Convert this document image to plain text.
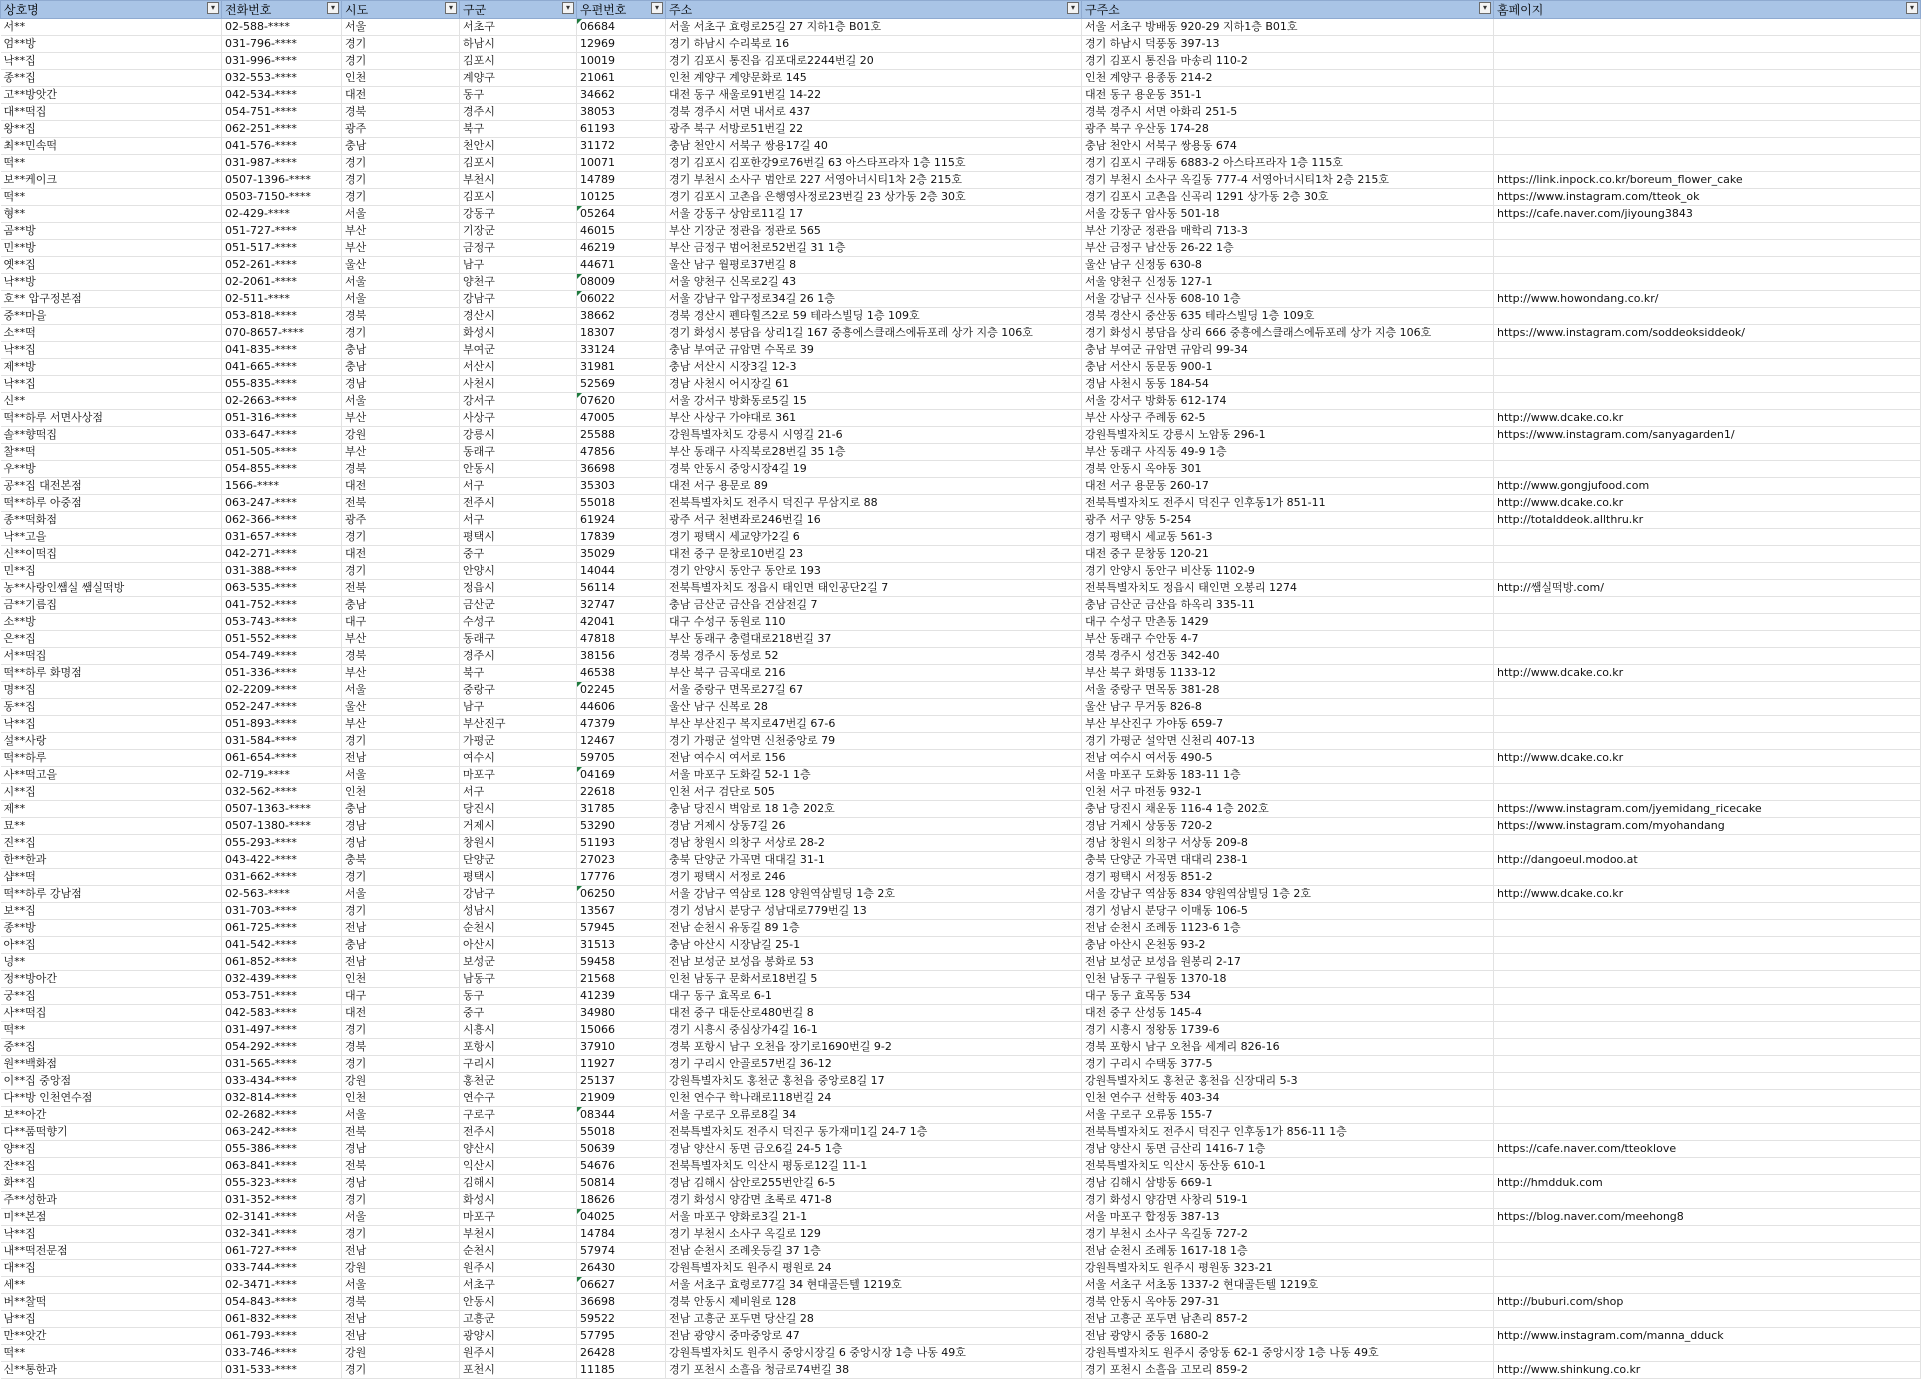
상호명 ▾	전화번호 ▾	시도 ▾	구군 ▾	우편번호 ▾	주소 ▾	구주소 ▾	홈페이지 ▾

서**	02-588-****	서울	서초구	06684	서울 서초구 효령로25길 27 지하1층 B01호	서울 서초구 방배동 920-29 지하1층 B01호	
엄**방	031-796-****	경기	하남시	12969	경기 하남시 수리북로 16	경기 하남시 덕풍동 397-13	
낙**집	031-996-****	경기	김포시	10019	경기 김포시 통진읍 김포대로2244번길 20	경기 김포시 통진읍 마송리 110-2	
종**집	032-553-****	인천	계양구	21061	인천 계양구 계양문화로 145	인천 계양구 용종동 214-2	
고**방앗간	042-534-****	대전	동구	34662	대전 동구 새울로91번길 14-22	대전 동구 용운동 351-1	
대**떡집	054-751-****	경북	경주시	38053	경북 경주시 서면 내서로 437	경북 경주시 서면 아화리 251-5	
왕**집	062-251-****	광주	북구	61193	광주 북구 서방로51번길 22	광주 북구 우산동 174-28	
최**민속떡	041-576-****	충남	천안시	31172	충남 천안시 서북구 쌍용17길 40	충남 천안시 서북구 쌍용동 674	
떡**	031-987-****	경기	김포시	10071	경기 김포시 김포한강9로76번길 63 아스타프라자 1층 115호	경기 김포시 구래동 6883-2 아스타프라자 1층 115호	
보**케이크	0507-1396-****	경기	부천시	14789	경기 부천시 소사구 범안로 227 서영아너시티1차 2층 215호	경기 부천시 소사구 옥길동 777-4 서영아너시티1차 2층 215호	https://link.inpock.co.kr/boreum_flower_cake
떡**	0503-7150-****	경기	김포시	10125	경기 김포시 고촌읍 은행영사정로23번길 23 상가동 2층 30호	경기 김포시 고촌읍 신곡리 1291 상가동 2층 30호	https://www.instagram.com/tteok_ok
형**	02-429-****	서울	강동구	05264	서울 강동구 상암로11길 17	서울 강동구 암사동 501-18	https://cafe.naver.com/jiyoung3843
곰**방	051-727-****	부산	기장군	46015	부산 기장군 정관읍 정관로 565	부산 기장군 정관읍 매학리 713-3	
민**방	051-517-****	부산	금정구	46219	부산 금정구 범어천로52번길 31 1층	부산 금정구 남산동 26-22 1층	
옛**집	052-261-****	울산	남구	44671	울산 남구 월평로37번길 8	울산 남구 신정동 630-8	
낙**방	02-2061-****	서울	양천구	08009	서울 양천구 신목로2길 43	서울 양천구 신정동 127-1	
호** 압구정본점	02-511-****	서울	강남구	06022	서울 강남구 압구정로34길 26 1층	서울 강남구 신사동 608-10 1층	http://www.howondang.co.kr/
중**마을	053-818-****	경북	경산시	38662	경북 경산시 펜타힐즈2로 59 테라스빌딩 1층 109호	경북 경산시 중산동 635 테라스빌딩 1층 109호	
소**떡	070-8657-****	경기	화성시	18307	경기 화성시 봉담읍 상리1길 167 중흥에스클래스에듀포레 상가 지층 106호	경기 화성시 봉담읍 상리 666 중흥에스클래스에듀포레 상가 지층 106호	https://www.instagram.com/soddeoksiddeok/
낙**집	041-835-****	충남	부여군	33124	충남 부여군 규암면 수목로 39	충남 부여군 규암면 규암리 99-34	
제**방	041-665-****	충남	서산시	31981	충남 서산시 시장3길 12-3	충남 서산시 동문동 900-1	
낙**집	055-835-****	경남	사천시	52569	경남 사천시 어시장길 61	경남 사천시 동동 184-54	
신**	02-2663-****	서울	강서구	07620	서울 강서구 방화동로5길 15	서울 강서구 방화동 612-174	
떡**하루 서면사상점	051-316-****	부산	사상구	47005	부산 사상구 가야대로 361	부산 사상구 주례동 62-5	http://www.dcake.co.kr
솔**향떡집	033-647-****	강원	강릉시	25588	강원특별자치도 강릉시 시영길 21-6	강원특별자치도 강릉시 노암동 296-1	https://www.instagram.com/sanyagarden1/
찰**떡	051-505-****	부산	동래구	47856	부산 동래구 사직북로28번길 35 1층	부산 동래구 사직동 49-9 1층	
우**방	054-855-****	경북	안동시	36698	경북 안동시 중앙시장4길 19	경북 안동시 옥야동 301	
공**집 대전본점	1566-****	대전	서구	35303	대전 서구 용문로 89	대전 서구 용문동 260-17	http://www.gongjufood.com
떡**하루 아중점	063-247-****	전북	전주시	55018	전북특별자치도 전주시 덕진구 무삼지로 88	전북특별자치도 전주시 덕진구 인후동1가 851-11	http://www.dcake.co.kr
종**떡화점	062-366-****	광주	서구	61924	광주 서구 천변좌로246번길 16	광주 서구 양동 5-254	http://totalddeok.allthru.kr
낙**고을	031-657-****	경기	평택시	17839	경기 평택시 세교양가2길 6	경기 평택시 세교동 561-3	
신**이떡집	042-271-****	대전	중구	35029	대전 중구 문창로10번길 23	대전 중구 문창동 120-21	
민**집	031-388-****	경기	안양시	14044	경기 안양시 동안구 동안로 193	경기 안양시 동안구 비산동 1102-9	
농**사랑인쌤실 쌤실떡방	063-535-****	전북	정읍시	56114	전북특별자치도 정읍시 태인면 태인공단2길 7	전북특별자치도 정읍시 태인면 오봉리 1274	http://쌤실떡방.com/
금**기름집	041-752-****	충남	금산군	32747	충남 금산군 금산읍 건삼전길 7	충남 금산군 금산읍 하옥리 335-11	
소**방	053-743-****	대구	수성구	42041	대구 수성구 동원로 110	대구 수성구 만촌동 1429	
은**집	051-552-****	부산	동래구	47818	부산 동래구 충렬대로218번길 37	부산 동래구 수안동 4-7	
서**떡집	054-749-****	경북	경주시	38156	경북 경주시 동성로 52	경북 경주시 성건동 342-40	
떡**하루 화명점	051-336-****	부산	북구	46538	부산 북구 금곡대로 216	부산 북구 화명동 1133-12	http://www.dcake.co.kr
명**집	02-2209-****	서울	중랑구	02245	서울 중랑구 면목로27길 67	서울 중랑구 면목동 381-28	
동**집	052-247-****	울산	남구	44606	울산 남구 신복로 28	울산 남구 무거동 826-8	
낙**집	051-893-****	부산	부산진구	47379	부산 부산진구 복지로47번길 67-6	부산 부산진구 가야동 659-7	
설**사랑	031-584-****	경기	가평군	12467	경기 가평군 설악면 신천중앙로 79	경기 가평군 설악면 신천리 407-13	
떡**하루	061-654-****	전남	여수시	59705	전남 여수시 여서로 156	전남 여수시 여서동 490-5	http://www.dcake.co.kr
사**떡고을	02-719-****	서울	마포구	04169	서울 마포구 도화길 52-1 1층	서울 마포구 도화동 183-11 1층	
시**집	032-562-****	인천	서구	22618	인천 서구 검단로 505	인천 서구 마전동 932-1	
제**	0507-1363-****	충남	당진시	31785	충남 당진시 벽암로 18 1층 202호	충남 당진시 채운동 116-4 1층 202호	https://www.instagram.com/jyemidang_ricecake
묘**	0507-1380-****	경남	거제시	53290	경남 거제시 상동7길 26	경남 거제시 상동동 720-2	https://www.instagram.com/myohandang
진**집	055-293-****	경남	창원시	51193	경남 창원시 의창구 서상로 28-2	경남 창원시 의창구 서상동 209-8	
한**한과	043-422-****	충북	단양군	27023	충북 단양군 가곡면 대대길 31-1	충북 단양군 가곡면 대대리 238-1	http://dangoeul.modoo.at
샵**떡	031-662-****	경기	평택시	17776	경기 평택시 서정로 246	경기 평택시 서정동 851-2	
떡**하루 강남점	02-563-****	서울	강남구	06250	서울 강남구 역삼로 128 양원역삼빌딩 1층 2호	서울 강남구 역삼동 834 양원역삼빌딩 1층 2호	http://www.dcake.co.kr
보**집	031-703-****	경기	성남시	13567	경기 성남시 분당구 성남대로779번길 13	경기 성남시 분당구 이매동 106-5	
종**방	061-725-****	전남	순천시	57945	전남 순천시 유동길 89 1층	전남 순천시 조례동 1123-6 1층	
아**집	041-542-****	충남	아산시	31513	충남 아산시 시장남길 25-1	충남 아산시 온천동 93-2	
넝**	061-852-****	전남	보성군	59458	전남 보성군 보성읍 봉화로 53	전남 보성군 보성읍 원봉리 2-17	
정**방아간	032-439-****	인천	남동구	21568	인천 남동구 문화서로18번길 5	인천 남동구 구월동 1370-18	
궁**집	053-751-****	대구	동구	41239	대구 동구 효목로 6-1	대구 동구 효목동 534	
사**떡집	042-583-****	대전	중구	34980	대전 중구 대둔산로480번길 8	대전 중구 산성동 145-4	
떡**	031-497-****	경기	시흥시	15066	경기 시흥시 중심상가4길 16-1	경기 시흥시 정왕동 1739-6	
중**집	054-292-****	경북	포항시	37910	경북 포항시 남구 오천읍 장기로1690번길 9-2	경북 포항시 남구 오천읍 세계리 826-16	
원**백화점	031-565-****	경기	구리시	11927	경기 구리시 안골로57번길 36-12	경기 구리시 수택동 377-5	
이**집 중앙점	033-434-****	강원	홍천군	25137	강원특별자치도 홍천군 홍천읍 중앙로8길 17	강원특별자치도 홍천군 홍천읍 신장대리 5-3	
다**방 인천연수점	032-814-****	인천	연수구	21909	인천 연수구 학나래로118번길 24	인천 연수구 선학동 403-34	
보**아간	02-2682-****	서울	구로구	08344	서울 구로구 오류로8길 34	서울 구로구 오류동 155-7	
다**품떡향기	063-242-****	전북	전주시	55018	전북특별자치도 전주시 덕진구 동가재미1길 24-7 1층	전북특별자치도 전주시 덕진구 인후동1가 856-11 1층	
양**집	055-386-****	경남	양산시	50639	경남 양산시 동면 금오6길 24-5 1층	경남 양산시 동면 금산리 1416-7 1층	https://cafe.naver.com/tteoklove
잔**집	063-841-****	전북	익산시	54676	전북특별자치도 익산시 평동로12길 11-1	전북특별자치도 익산시 동산동 610-1	
화**집	055-323-****	경남	김해시	50814	경남 김해시 삼안로255번안길 6-5	경남 김해시 삼방동 669-1	http://hmdduk.com
주**성한과	031-352-****	경기	화성시	18626	경기 화성시 양감면 초록로 471-8	경기 화성시 양감면 사창리 519-1	
미**본점	02-3141-****	서울	마포구	04025	서울 마포구 양화로3길 21-1	서울 마포구 합정동 387-13	https://blog.naver.com/meehong8
낙**집	032-341-****	경기	부천시	14784	경기 부천시 소사구 옥길로 129	경기 부천시 소사구 옥길동 727-2	
내**떡전문점	061-727-****	전남	순천시	57974	전남 순천시 조례옷등길 37 1층	전남 순천시 조례동 1617-18 1층	
대**집	033-744-****	강원	원주시	26430	강원특별자치도 원주시 평원로 24	강원특별자치도 원주시 평원동 323-21	
세**	02-3471-****	서울	서초구	06627	서울 서초구 효령로77길 34 현대골든텔 1219호	서울 서초구 서초동 1337-2 현대골든텔 1219호	
버**찰떡	054-843-****	경북	안동시	36698	경북 안동시 제비원로 128	경북 안동시 옥야동 297-31	http://buburi.com/shop
남**집	061-832-****	전남	고흥군	59522	전남 고흥군 포두면 당산길 28	전남 고흥군 포두면 남촌리 857-2	
만**앗간	061-793-****	전남	광양시	57795	전남 광양시 중마중앙로 47	전남 광양시 중동 1680-2	http://www.instagram.com/manna_dduck
떡**	033-746-****	강원	원주시	26428	강원특별자치도 원주시 중앙시장길 6 중앙시장 1층 나동 49호	강원특별자치도 원주시 중앙동 62-1 중앙시장 1층 나동 49호	
신**통한과	031-533-****	경기	포천시	11185	경기 포천시 소흘읍 청금로74번길 38	경기 포천시 소흘읍 고모리 859-2	http://www.shinkung.co.kr
